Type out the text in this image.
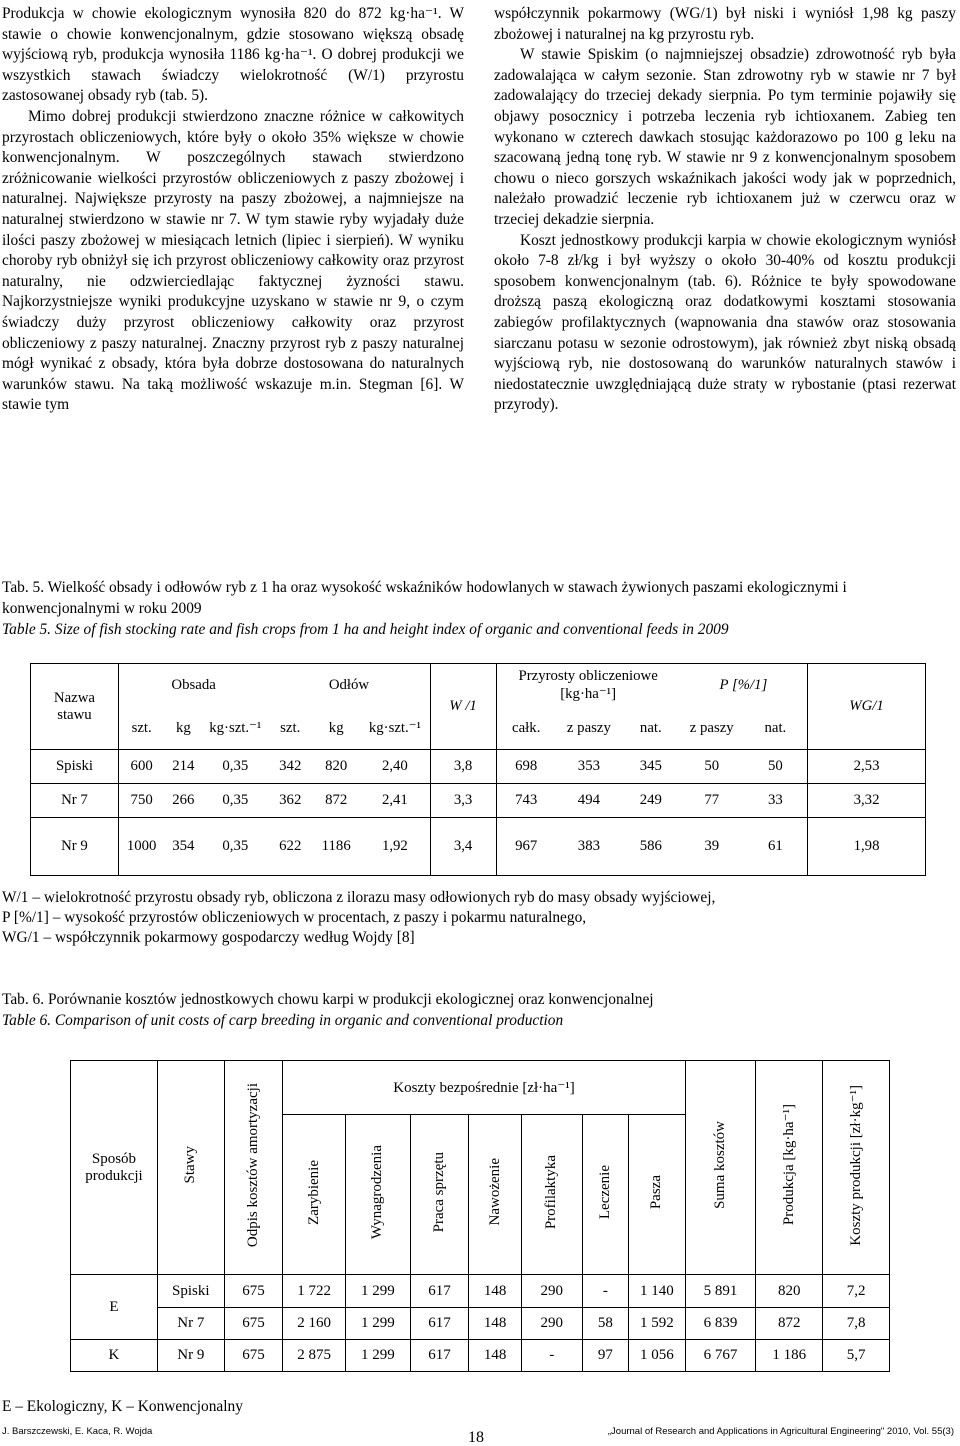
Produkcja w chowie ekologicznym wynosiła 820 do 872 kg·ha⁻¹. W stawie o chowie konwencjonalnym, gdzie stosowano większą obsadę wyjściową ryb, produkcja wynosiła 1186 kg·ha⁻¹. O dobrej produkcji we wszystkich stawach świadczy wielokrotność (W/1) przyrostu zastosowanej obsady ryb (tab. 5).

Mimo dobrej produkcji stwierdzono znaczne różnice w całkowitych przyrostach obliczeniowych, które były o około 35% większe w chowie konwencjonalnym. W poszczególnych stawach stwierdzono zróżnicowanie wielkości przyrostów obliczeniowych z paszy zbożowej i naturalnej. Największe przyrosty na paszy zbożowej, a najmniejsze na naturalnej stwierdzono w stawie nr 7. W tym stawie ryby wyjadały duże ilości paszy zbożowej w miesiącach letnich (lipiec i sierpień). W wyniku choroby ryb obniżył się ich przyrost obliczeniowy całkowity oraz przyrost naturalny, nie odzwierciedlając faktycznej żyzności stawu. Najkorzystniejsze wyniki produkcyjne uzyskano w stawie nr 9, o czym świadczy duży przyrost obliczeniowy całkowity oraz przyrost obliczeniowy z paszy naturalnej. Znaczny przyrost ryb z paszy naturalnej mógł wynikać z obsady, która była dobrze dostosowana do naturalnych warunków stawu. Na taką możliwość wskazuje m.in. Stegman [6]. W stawie tym

współczynnik pokarmowy (WG/1) był niski i wyniósł 1,98 kg paszy zbożowej i naturalnej na kg przyrostu ryb.

W stawie Spiskim (o najmniejszej obsadzie) zdrowotność ryb była zadowalająca w całym sezonie. Stan zdrowotny ryb w stawie nr 7 był zadowalający do trzeciej dekady sierpnia. Po tym terminie pojawiły się objawy posocznicy i potrzeba leczenia ryb ichtioxanem. Zabieg ten wykonano w czterech dawkach stosując każdorazowo po 100 g leku na szacowaną jedną tonę ryb. W stawie nr 9 z konwencjonalnym sposobem chowu o nieco gorszych wskaźnikach jakości wody jak w poprzednich, należało prowadzić leczenie ryb ichtioxanem już w czerwcu oraz w trzeciej dekadzie sierpnia.

Koszt jednostkowy produkcji karpia w chowie ekologicznym wyniósł około 7-8 zł/kg i był wyższy o około 30-40% od kosztu produkcji sposobem konwencjonalnym (tab. 6). Różnice te były spowodowane droższą paszą ekologiczną oraz dodatkowymi kosztami stosowania zabiegów profilaktycznych (wapnowania dna stawów oraz stosowania siarczanu potasu w sezonie odrostowym), jak również zbyt niską obsadą wyjściową ryb, nie dostosowaną do warunków naturalnych stawów i niedostatecznie uwzględniającą duże straty w rybostanie (ptasi rezerwat przyrody).

Tab. 5. Wielkość obsady i odłowów ryb z 1 ha oraz wysokość wskaźników hodowlanych w stawach żywionych paszami ekologicznymi i konwencjonalnymi w roku 2009
Table 5. Size of fish stocking rate and fish crops from 1 ha and height index of organic and conventional feeds in 2009
Nazwa stawu	Obsada			Odłów			W /1	Przyrosty obliczeniowe
[kg·ha⁻¹]			P [%/1]		WG/1
	szt.	kg	kg·szt.⁻¹	szt.	kg	kg·szt.⁻¹		całk.	z paszy	nat.	z paszy	nat.	
Spiski	600	214	0,35	342	820	2,40	3,8	698	353	345	50	50	2,53
Nr 7	750	266	0,35	362	872	2,41	3,3	743	494	249	77	33	3,32
Nr 9	1000	354	0,35	622	1186	1,92	3,4	967	383	586	39	61	1,98
W/1 – wielokrotność przyrostu obsady ryb, obliczona z ilorazu masy odłowionych ryb do masy obsady wyjściowej,
P [%/1] – wysokość przyrostów obliczeniowych w procentach, z paszy i pokarmu naturalnego,
WG/1 – współczynnik pokarmowy gospodarczy według Wojdy [8]
Tab. 6. Porównanie kosztów jednostkowych chowu karpi w produkcji ekologicznej oraz konwencjonalnej
Table 6. Comparison of unit costs of carp breeding in organic and conventional production
Sposób produkcji	Stawy	Odpis kosztów amortyzacji	Koszty bezpośrednie [zł·ha⁻¹]							Suma kosztów	Produkcja [kg·ha⁻¹]	Koszty produkcji [zł·kg⁻¹]
			Zarybienie	Wynagrodzenia	Praca sprzętu	Nawożenie	Profilaktyka	Leczenie	Pasza			
E	Spiski	675	1 722	1 299	617	148	290	-	1 140	5 891	820	7,2
	Nr 7	675	2 160	1 299	617	148	290	58	1 592	6 839	872	7,8
K	Nr 9	675	2 875	1 299	617	148	-	97	1 056	6 767	1 186	5,7
E – Ekologiczny, K – Konwencjonalny
J. Barszczewski, E. Kaca, R. Wojda	18	„Journal of Research and Applications in Agricultural Engineering" 2010, Vol. 55(3)
